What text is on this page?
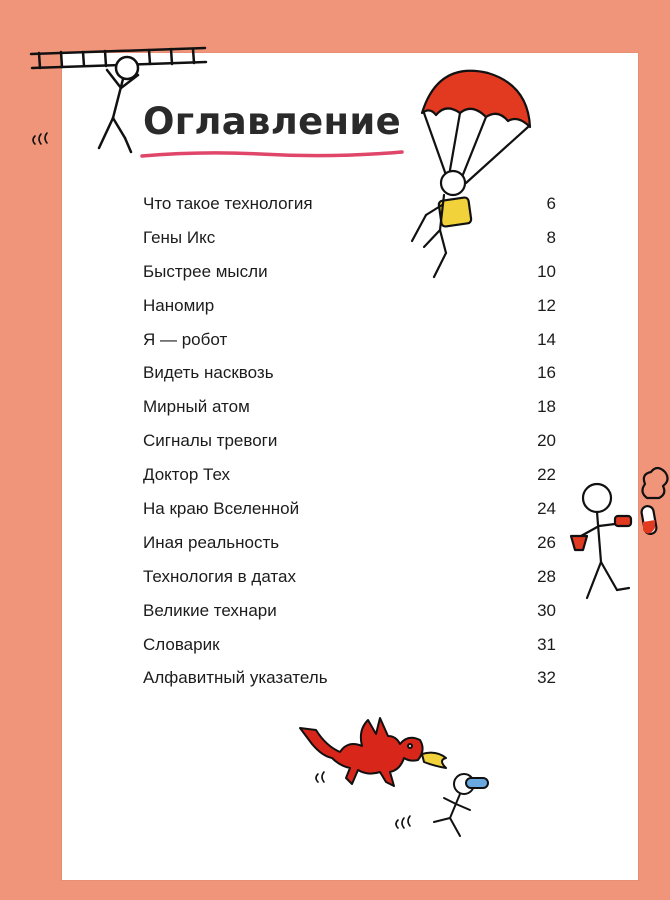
Оглавление
Что такое технология	6
Гены Икс	8
Быстрее мысли	10
Наномир	12
Я — робот	14
Видеть насквозь	16
Мирный атом	18
Сигналы тревоги	20
Доктор Тех	22
На краю Вселенной	24
Иная реальность	26
Технология в датах	28
Великие технари	30
Словарик	31
Алфавитный указатель	32
